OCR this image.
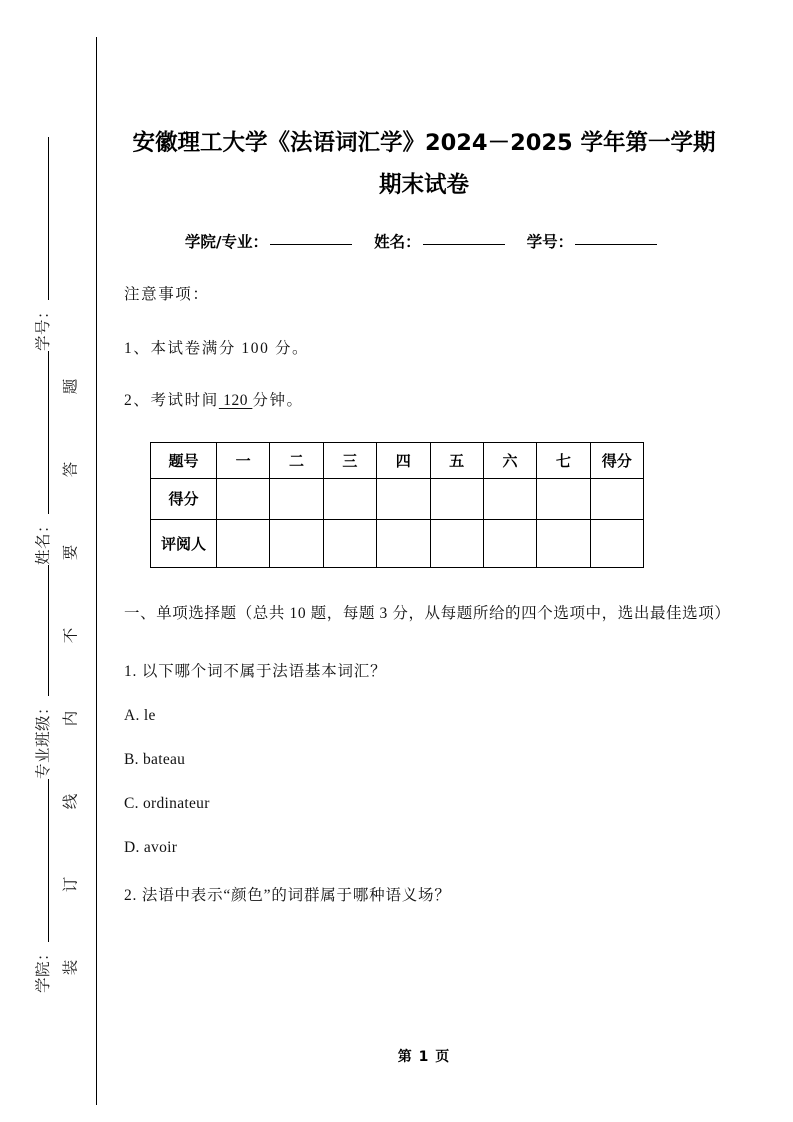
题
答
要
不
内
线
订
装
学号：
姓名：
专业班级：
学院：
安徽理工大学《法语词汇学》2024－2025 学年第一学期期末试卷
学院/专业：	姓名：	学号：
注意事项：
1、本试卷满分 100 分。
2、考试时间 120 分钟。
题号	一	二	三	四	五	六	七	得分
得分								
评阅人								
一、单项选择题（总共 10 题，每题 3 分，从每题所给的四个选项中，选出最佳选项）
1. 以下哪个词不属于法语基本词汇？
A. le
B. bateau
C. ordinateur
D. avoir
2. 法语中表示“颜色”的词群属于哪种语义场？
第 1 页
